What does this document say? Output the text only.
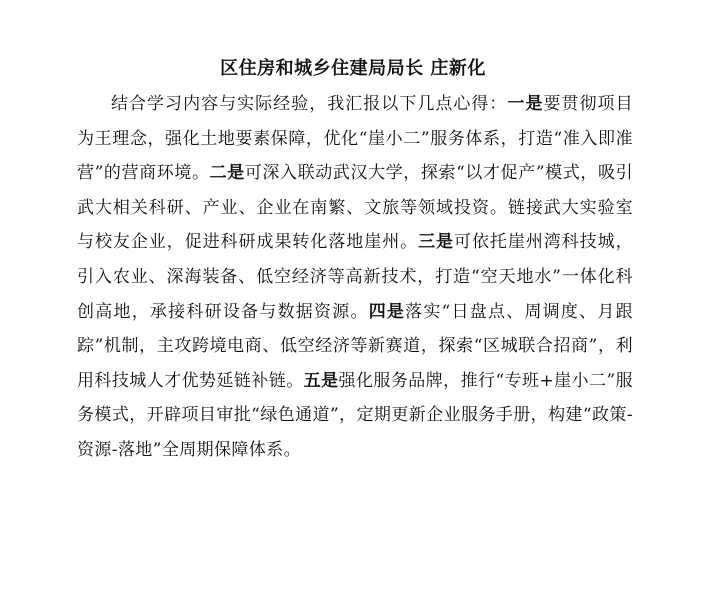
区住房和城乡住建局局长 庄新化

结合学习内容与实际经验，我汇报以下几点心得：一是要贯彻项目为王理念，强化土地要素保障，优化“崖小二”服务体系，打造“准入即准营”的营商环境。二是可深入联动武汉大学，探索“以才促产”模式，吸引武大相关科研、产业、企业在南繁、文旅等领域投资。链接武大实验室与校友企业，促进科研成果转化落地崖州。三是可依托崖州湾科技城，引入农业、深海装备、低空经济等高新技术，打造“空天地水”一体化科创高地，承接科研设备与数据资源。四是落实“日盘点、周调度、月跟踪”机制，主攻跨境电商、低空经济等新赛道，探索“区城联合招商”，利用科技城人才优势延链补链。五是强化服务品牌，推行“专班+崖小二”服务模式，开辟项目审批“绿色通道”，定期更新企业服务手册，构建“政策-资源-落地”全周期保障体系。
